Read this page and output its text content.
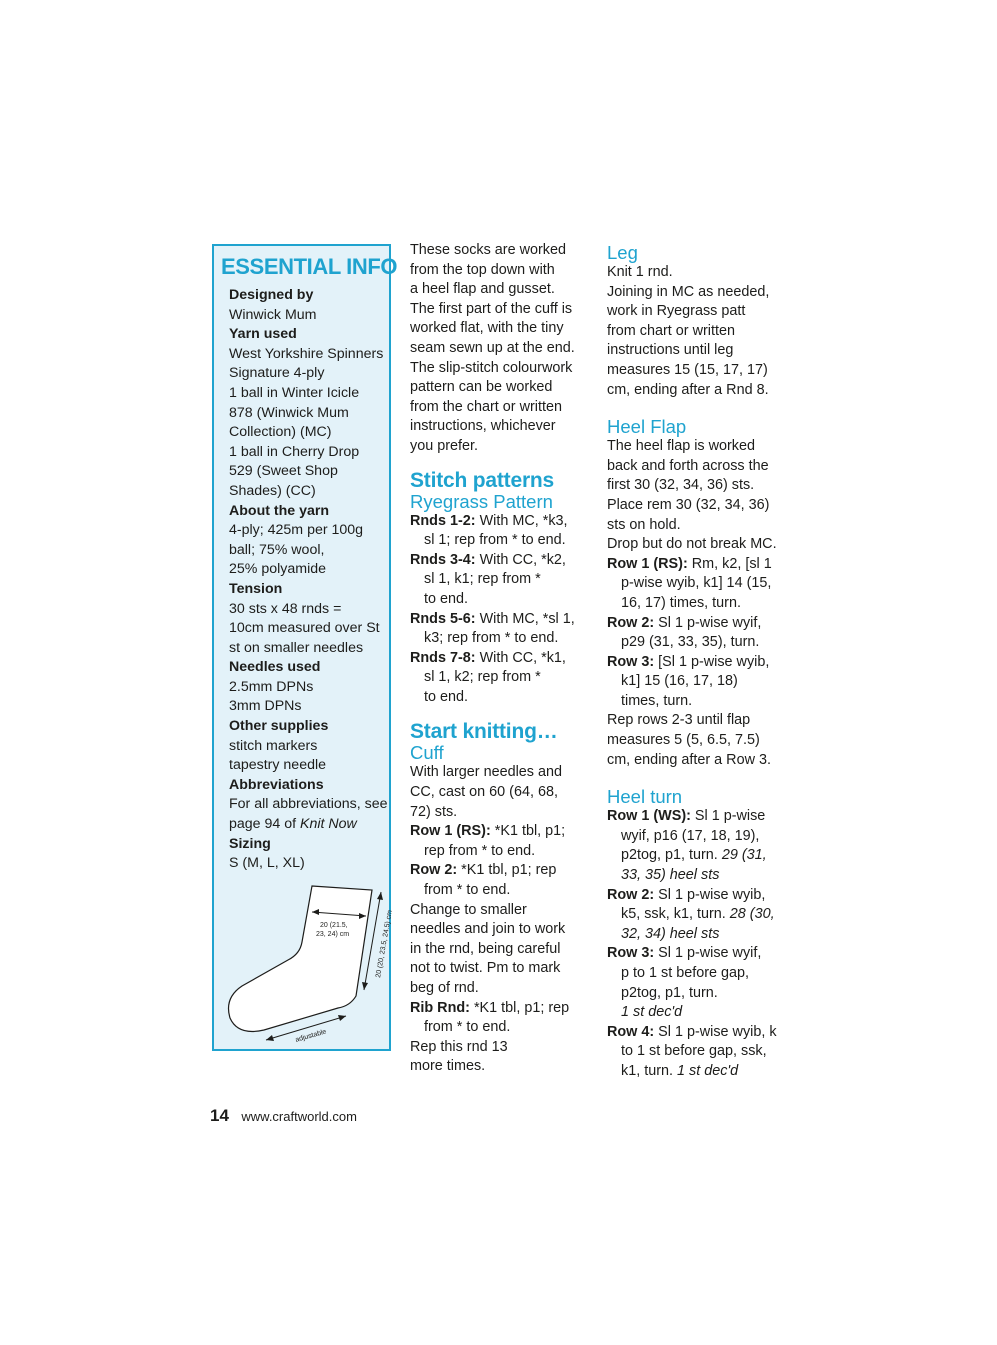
ESSENTIAL INFO

Designed by

Winwick Mum

Yarn used

West Yorkshire Spinners

Signature 4-ply

1 ball in Winter Icicle

878 (Winwick Mum

Collection) (MC)

1 ball in Cherry Drop

529 (Sweet Shop

Shades) (CC)

About the yarn

4-ply; 425m per 100g

ball; 75% wool,

25% polyamide

Tension

30 sts x 48 rnds =

10cm measured over St

st on smaller needles

Needles used

2.5mm DPNs

3mm DPNs

Other supplies

stitch markers

tapestry needle

Abbreviations

For all abbreviations, see

page 94 of Knit Now

Sizing

S (M, L, XL)

20 (21.5,
23, 24) cm	20 (20, 23.5, 24.5) cm
adjustable

These socks are worked

from the top down with

a heel flap and gusset.

The first part of the cuff is

worked flat, with the tiny

seam sewn up at the end.

The slip-stitch colourwork

pattern can be worked

from the chart or written

instructions, whichever

you prefer.

Stitch patterns

Ryegrass Pattern

Rnds 1-2: With MC, *k3,

sl 1; rep from * to end.

Rnds 3-4: With CC, *k2,

sl 1, k1; rep from *

to end.

Rnds 5-6: With MC, *sl 1,

k3; rep from * to end.

Rnds 7-8: With CC, *k1,

sl 1, k2; rep from *

to end.

Start knitting…

Cuff

With larger needles and

CC, cast on 60 (64, 68,

72) sts.

Row 1 (RS): *K1 tbl, p1;

rep from * to end.

Row 2: *K1 tbl, p1; rep

from * to end.

Change to smaller

needles and join to work

in the rnd, being careful

not to twist. Pm to mark

beg of rnd.

Rib Rnd: *K1 tbl, p1; rep

from * to end.

Rep this rnd 13

more times.

Leg

Knit 1 rnd.

Joining in MC as needed,

work in Ryegrass patt

from chart or written

instructions until leg

measures 15 (15, 17, 17)

cm, ending after a Rnd 8.

Heel Flap

The heel flap is worked

back and forth across the

first 30 (32, 34, 36) sts.

Place rem 30 (32, 34, 36)

sts on hold.

Drop but do not break MC.

Row 1 (RS): Rm, k2, [sl 1

p-wise wyib, k1] 14 (15,

16, 17) times, turn.

Row 2: Sl 1 p-wise wyif,

p29 (31, 33, 35), turn.

Row 3: [Sl 1 p-wise wyib,

k1] 15 (16, 17, 18)

times, turn.

Rep rows 2-3 until flap

measures 5 (5, 6.5, 7.5)

cm, ending after a Row 3.

Heel turn

Row 1 (WS): Sl 1 p-wise

wyif, p16 (17, 18, 19),

p2tog, p1, turn. 29 (31,

33, 35) heel sts

Row 2: Sl 1 p-wise wyib,

k5, ssk, k1, turn. 28 (30,

32, 34) heel sts

Row 3: Sl 1 p-wise wyif,

p to 1 st before gap,

p2tog, p1, turn.

1 st dec'd

Row 4: Sl 1 p-wise wyib, k

to 1 st before gap, ssk,

k1, turn. 1 st dec'd

14 www.craftworld.com
